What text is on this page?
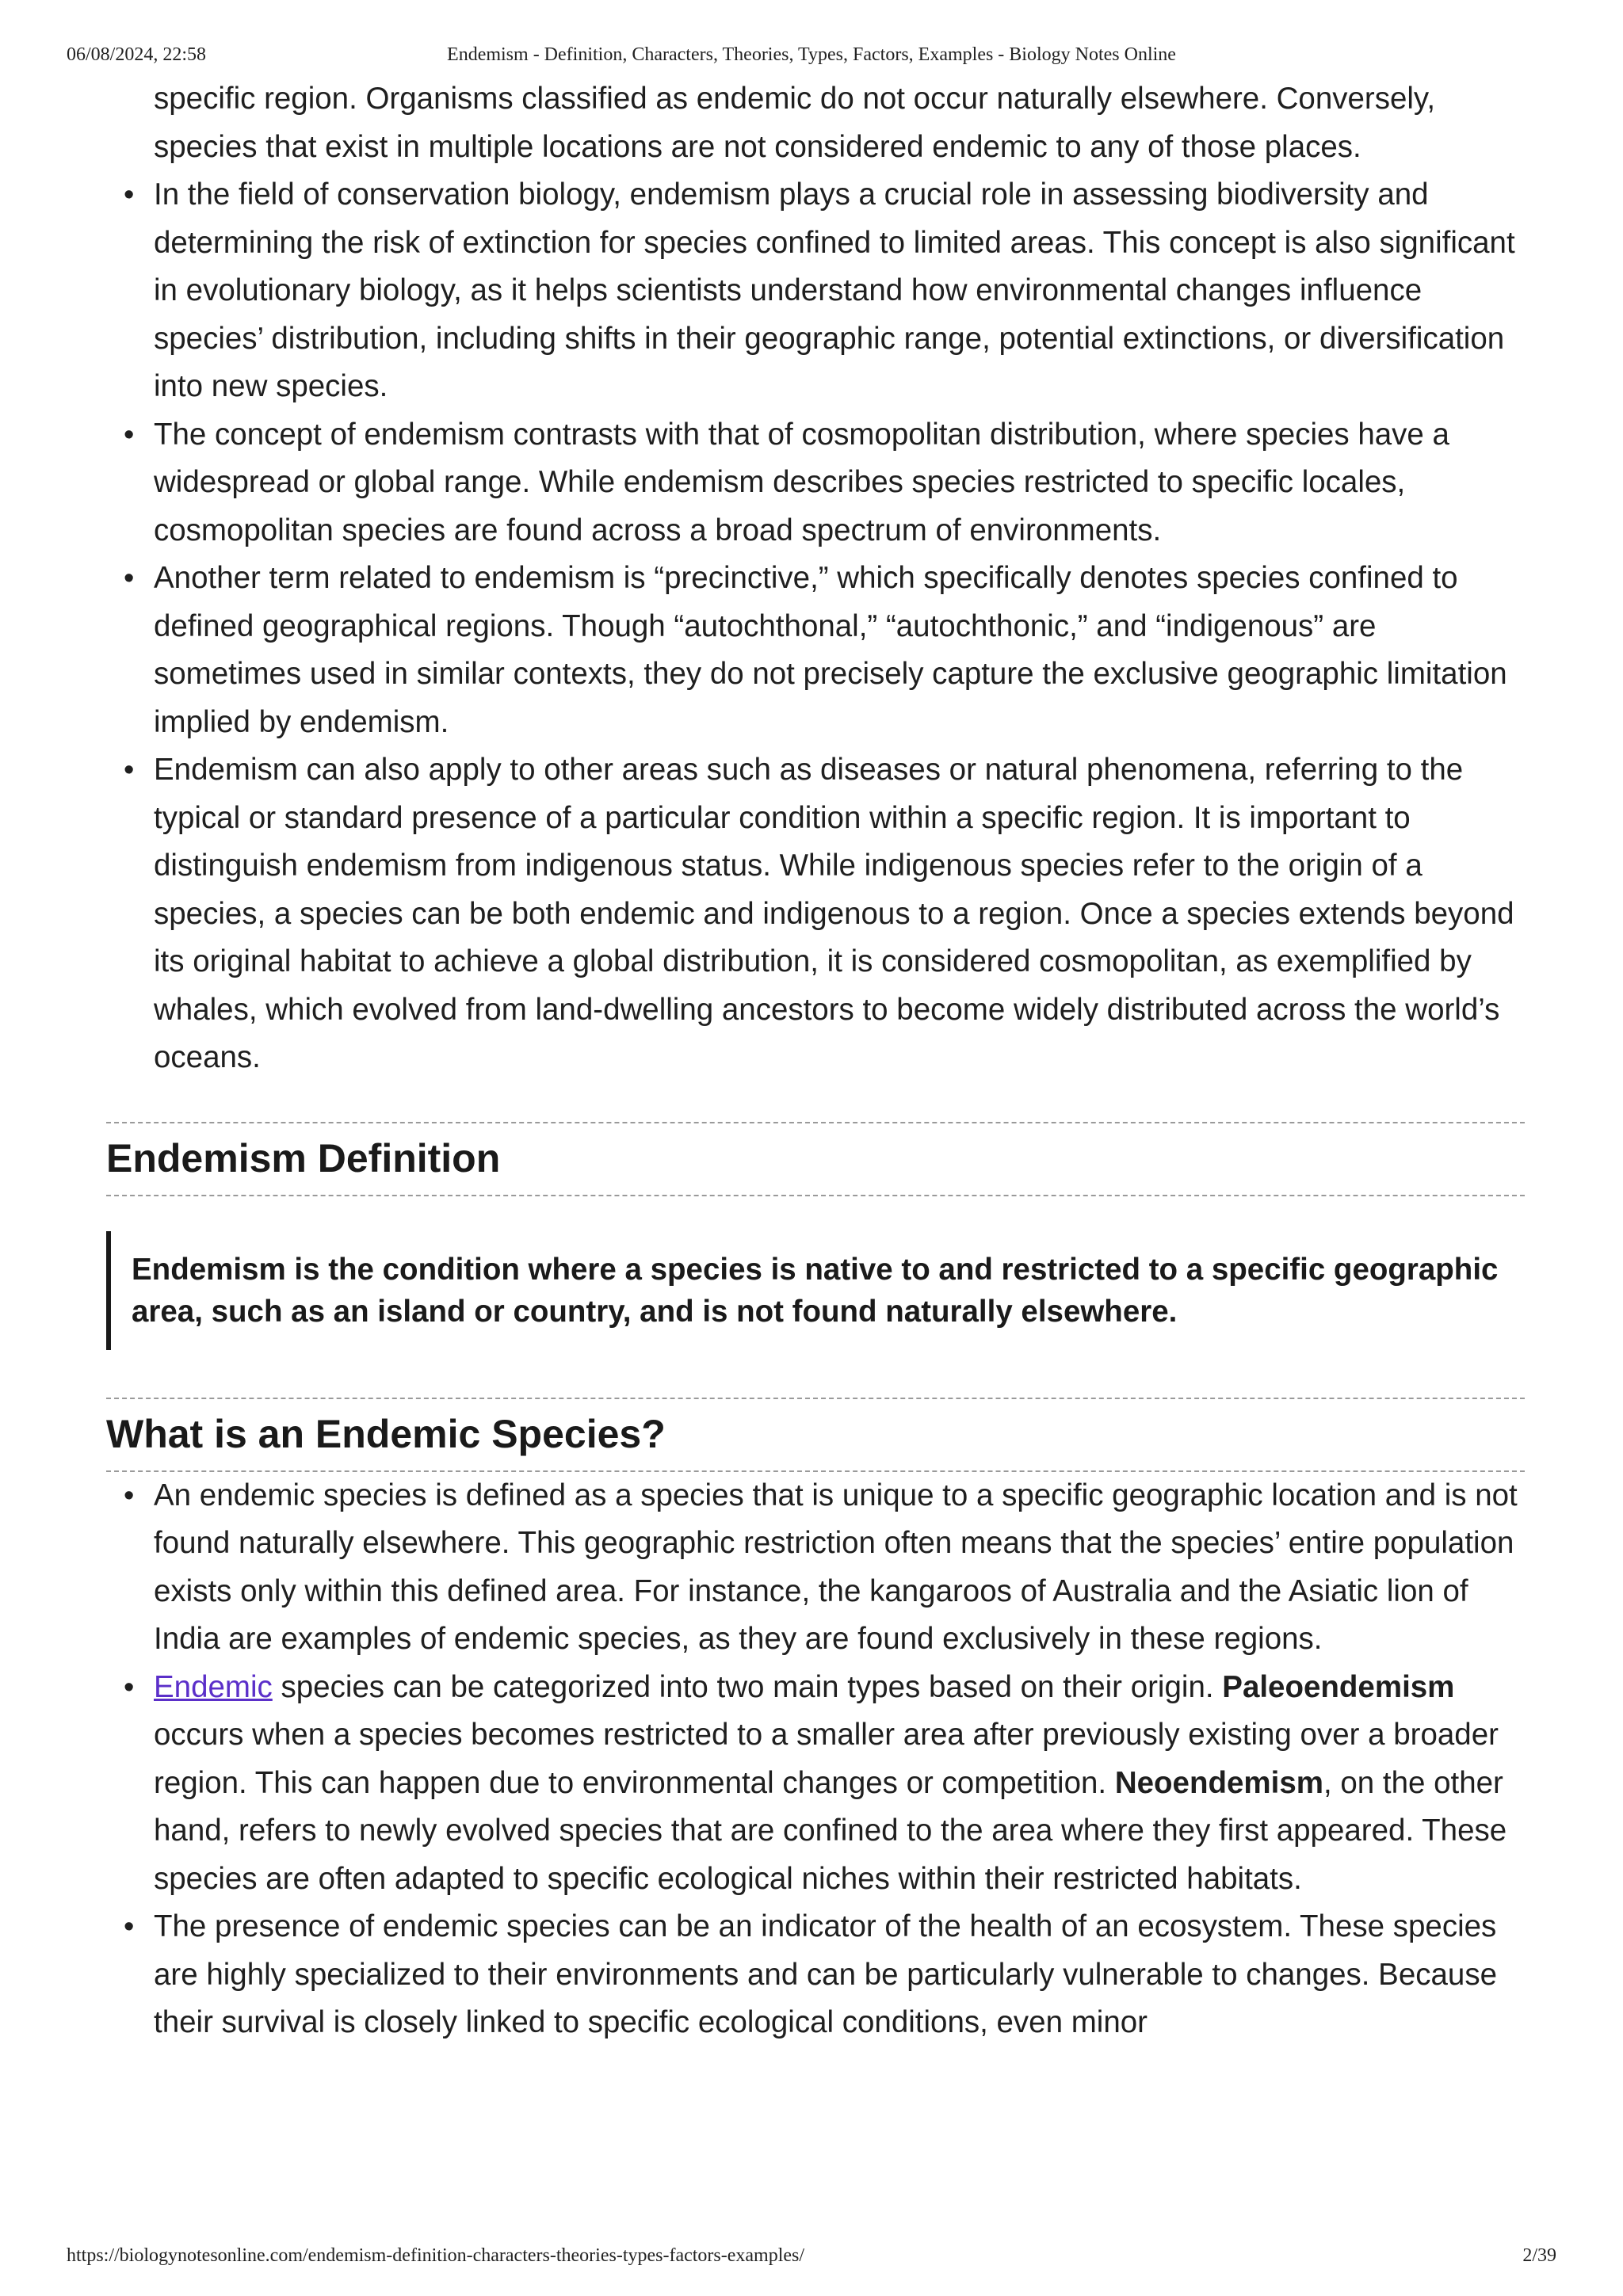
06/08/2024, 22:58	Endemism - Definition, Characters, Theories, Types, Factors, Examples - Biology Notes Online
specific region. Organisms classified as endemic do not occur naturally elsewhere. Conversely, species that exist in multiple locations are not considered endemic to any of those places.
• In the field of conservation biology, endemism plays a crucial role in assessing biodiversity and determining the risk of extinction for species confined to limited areas. This concept is also significant in evolutionary biology, as it helps scientists understand how environmental changes influence species’ distribution, including shifts in their geographic range, potential extinctions, or diversification into new species.
• The concept of endemism contrasts with that of cosmopolitan distribution, where species have a widespread or global range. While endemism describes species restricted to specific locales, cosmopolitan species are found across a broad spectrum of environments.
• Another term related to endemism is “precinctive,” which specifically denotes species confined to defined geographical regions. Though “autochthonal,” “autochthonic,” and “indigenous” are sometimes used in similar contexts, they do not precisely capture the exclusive geographic limitation implied by endemism.
• Endemism can also apply to other areas such as diseases or natural phenomena, referring to the typical or standard presence of a particular condition within a specific region. It is important to distinguish endemism from indigenous status. While indigenous species refer to the origin of a species, a species can be both endemic and indigenous to a region. Once a species extends beyond its original habitat to achieve a global distribution, it is considered cosmopolitan, as exemplified by whales, which evolved from land-dwelling ancestors to become widely distributed across the world’s oceans.
Endemism Definition
Endemism is the condition where a species is native to and restricted to a specific geographic area, such as an island or country, and is not found naturally elsewhere.
What is an Endemic Species?
• An endemic species is defined as a species that is unique to a specific geographic location and is not found naturally elsewhere. This geographic restriction often means that the species’ entire population exists only within this defined area. For instance, the kangaroos of Australia and the Asiatic lion of India are examples of endemic species, as they are found exclusively in these regions.
• Endemic species can be categorized into two main types based on their origin. Paleoendemism occurs when a species becomes restricted to a smaller area after previously existing over a broader region. This can happen due to environmental changes or competition. Neoendemism, on the other hand, refers to newly evolved species that are confined to the area where they first appeared. These species are often adapted to specific ecological niches within their restricted habitats.
• The presence of endemic species can be an indicator of the health of an ecosystem. These species are highly specialized to their environments and can be particularly vulnerable to changes. Because their survival is closely linked to specific ecological conditions, even minor
https://biologynotesonline.com/endemism-definition-characters-theories-types-factors-examples/	2/39
